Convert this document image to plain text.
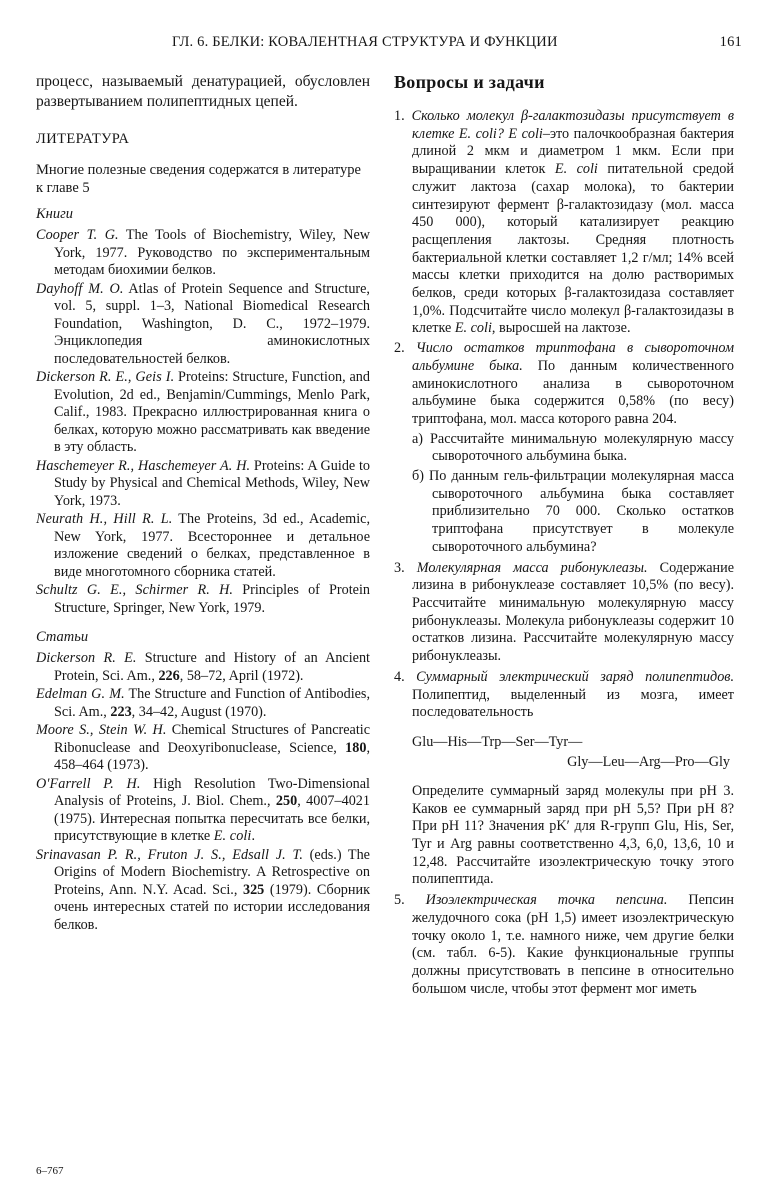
ГЛ. 6. БЕЛКИ: КОВАЛЕНТНАЯ СТРУКТУРА И ФУНКЦИИ	161

процесс, называемый денатурацией, обусловлен развертыванием полипептидных цепей.

ЛИТЕРАТУРА

Многие полезные сведения содержатся в литературе к главе 5

Книги

Cooper T. G. The Tools of Biochemistry, Wiley, New York, 1977. Руководство по экспериментальным методам биохимии белков.

Dayhoff M. O. Atlas of Protein Sequence and Structure, vol. 5, suppl. 1–3, National Biomedical Research Foundation, Washington, D. C., 1972–1979. Энциклопедия аминокислотных последовательностей белков.

Dickerson R. E., Geis I. Proteins: Structure, Function, and Evolution, 2d ed., Benjamin/Cummings, Menlo Park, Calif., 1983. Прекрасно иллюстрированная книга о белках, которую можно рассматривать как введение в эту область.

Haschemeyer R., Haschemeyer A. H. Proteins: A Guide to Study by Physical and Chemical Methods, Wiley, New York, 1973.

Neurath H., Hill R. L. The Proteins, 3d ed., Academic, New York, 1977. Всестороннее и детальное изложение сведений о белках, представленное в виде многотомного сборника статей.

Schultz G. E., Schirmer R. H. Principles of Protein Structure, Springer, New York, 1979.

Статьи

Dickerson R. E. Structure and History of an Ancient Protein, Sci. Am., 226, 58–72, April (1972).

Edelman G. M. The Structure and Function of Antibodies, Sci. Am., 223, 34–42, August (1970).

Moore S., Stein W. H. Chemical Structures of Pancreatic Ribonuclease and Deoxyribonuclease, Science, 180, 458–464 (1973).

O'Farrell P. H. High Resolution Two-Dimensional Analysis of Proteins, J. Biol. Chem., 250, 4007–4021 (1975). Интересная попытка пересчитать все белки, присутствующие в клетке E. coli.

Srinavasan P. R., Fruton J. S., Edsall J. T. (eds.) The Origins of Modern Biochemistry. A Retrospective on Proteins, Ann. N.Y. Acad. Sci., 325 (1979). Сборник очень интересных статей по истории исследования белков.

Вопросы и задачи

1. Сколько молекул β-галактозидазы присутствует в клетке E. coli? E coli–это палочкообразная бактерия длиной 2 мкм и диаметром 1 мкм. Если при выращивании клеток E. coli питательной средой служит лактоза (сахар молока), то бактерии синтезируют фермент β-галактозидазу (мол. масса 450 000), который катализирует реакцию расщепления лактозы. Средняя плотность бактериальной клетки составляет 1,2 г/мл; 14% всей массы клетки приходится на долю растворимых белков, среди которых β-галактозидаза составляет 1,0%. Подсчитайте число молекул β-галактозидазы в клетке E. coli, выросшей на лактозе.

2. Число остатков триптофана в сывороточном альбумине быка. По данным количественного аминокислотного анализа в сывороточном альбумине быка содержится 0,58% (по весу) триптофана, мол. масса которого равна 204.

а) Рассчитайте минимальную молекулярную массу сывороточного альбумина быка.

б) По данным гель-фильтрации молекулярная масса сывороточного альбумина быка составляет приблизительно 70 000. Сколько остатков триптофана присутствует в молекуле сывороточного альбумина?

3. Молекулярная масса рибонуклеазы. Содержание лизина в рибонуклеазе составляет 10,5% (по весу). Рассчитайте минимальную молекулярную массу рибонуклеазы. Молекула рибонуклеазы содержит 10 остатков лизина. Рассчитайте молекулярную массу рибонуклеазы.

4. Суммарный электрический заряд полипептидов. Полипептид, выделенный из мозга, имеет последовательность

Glu—His—Trp—Ser—Tyr—
Gly—Leu—Arg—Pro—Gly

Определите суммарный заряд молекулы при pH 3. Каков ее суммарный заряд при pH 5,5? При pH 8? При pH 11? Значения pK′ для R-групп Glu, His, Ser, Tyr и Arg равны соответственно 4,3, 6,0, 13,6, 10 и 12,48. Рассчитайте изоэлектрическую точку этого полипептида.

5. Изоэлектрическая точка пепсина. Пепсин желудочного сока (pH 1,5) имеет изоэлектрическую точку около 1, т.е. намного ниже, чем другие белки (см. табл. 6-5). Какие функциональные группы должны присутствовать в пепсине в относительно большом числе, чтобы этот фермент мог иметь

6–767
